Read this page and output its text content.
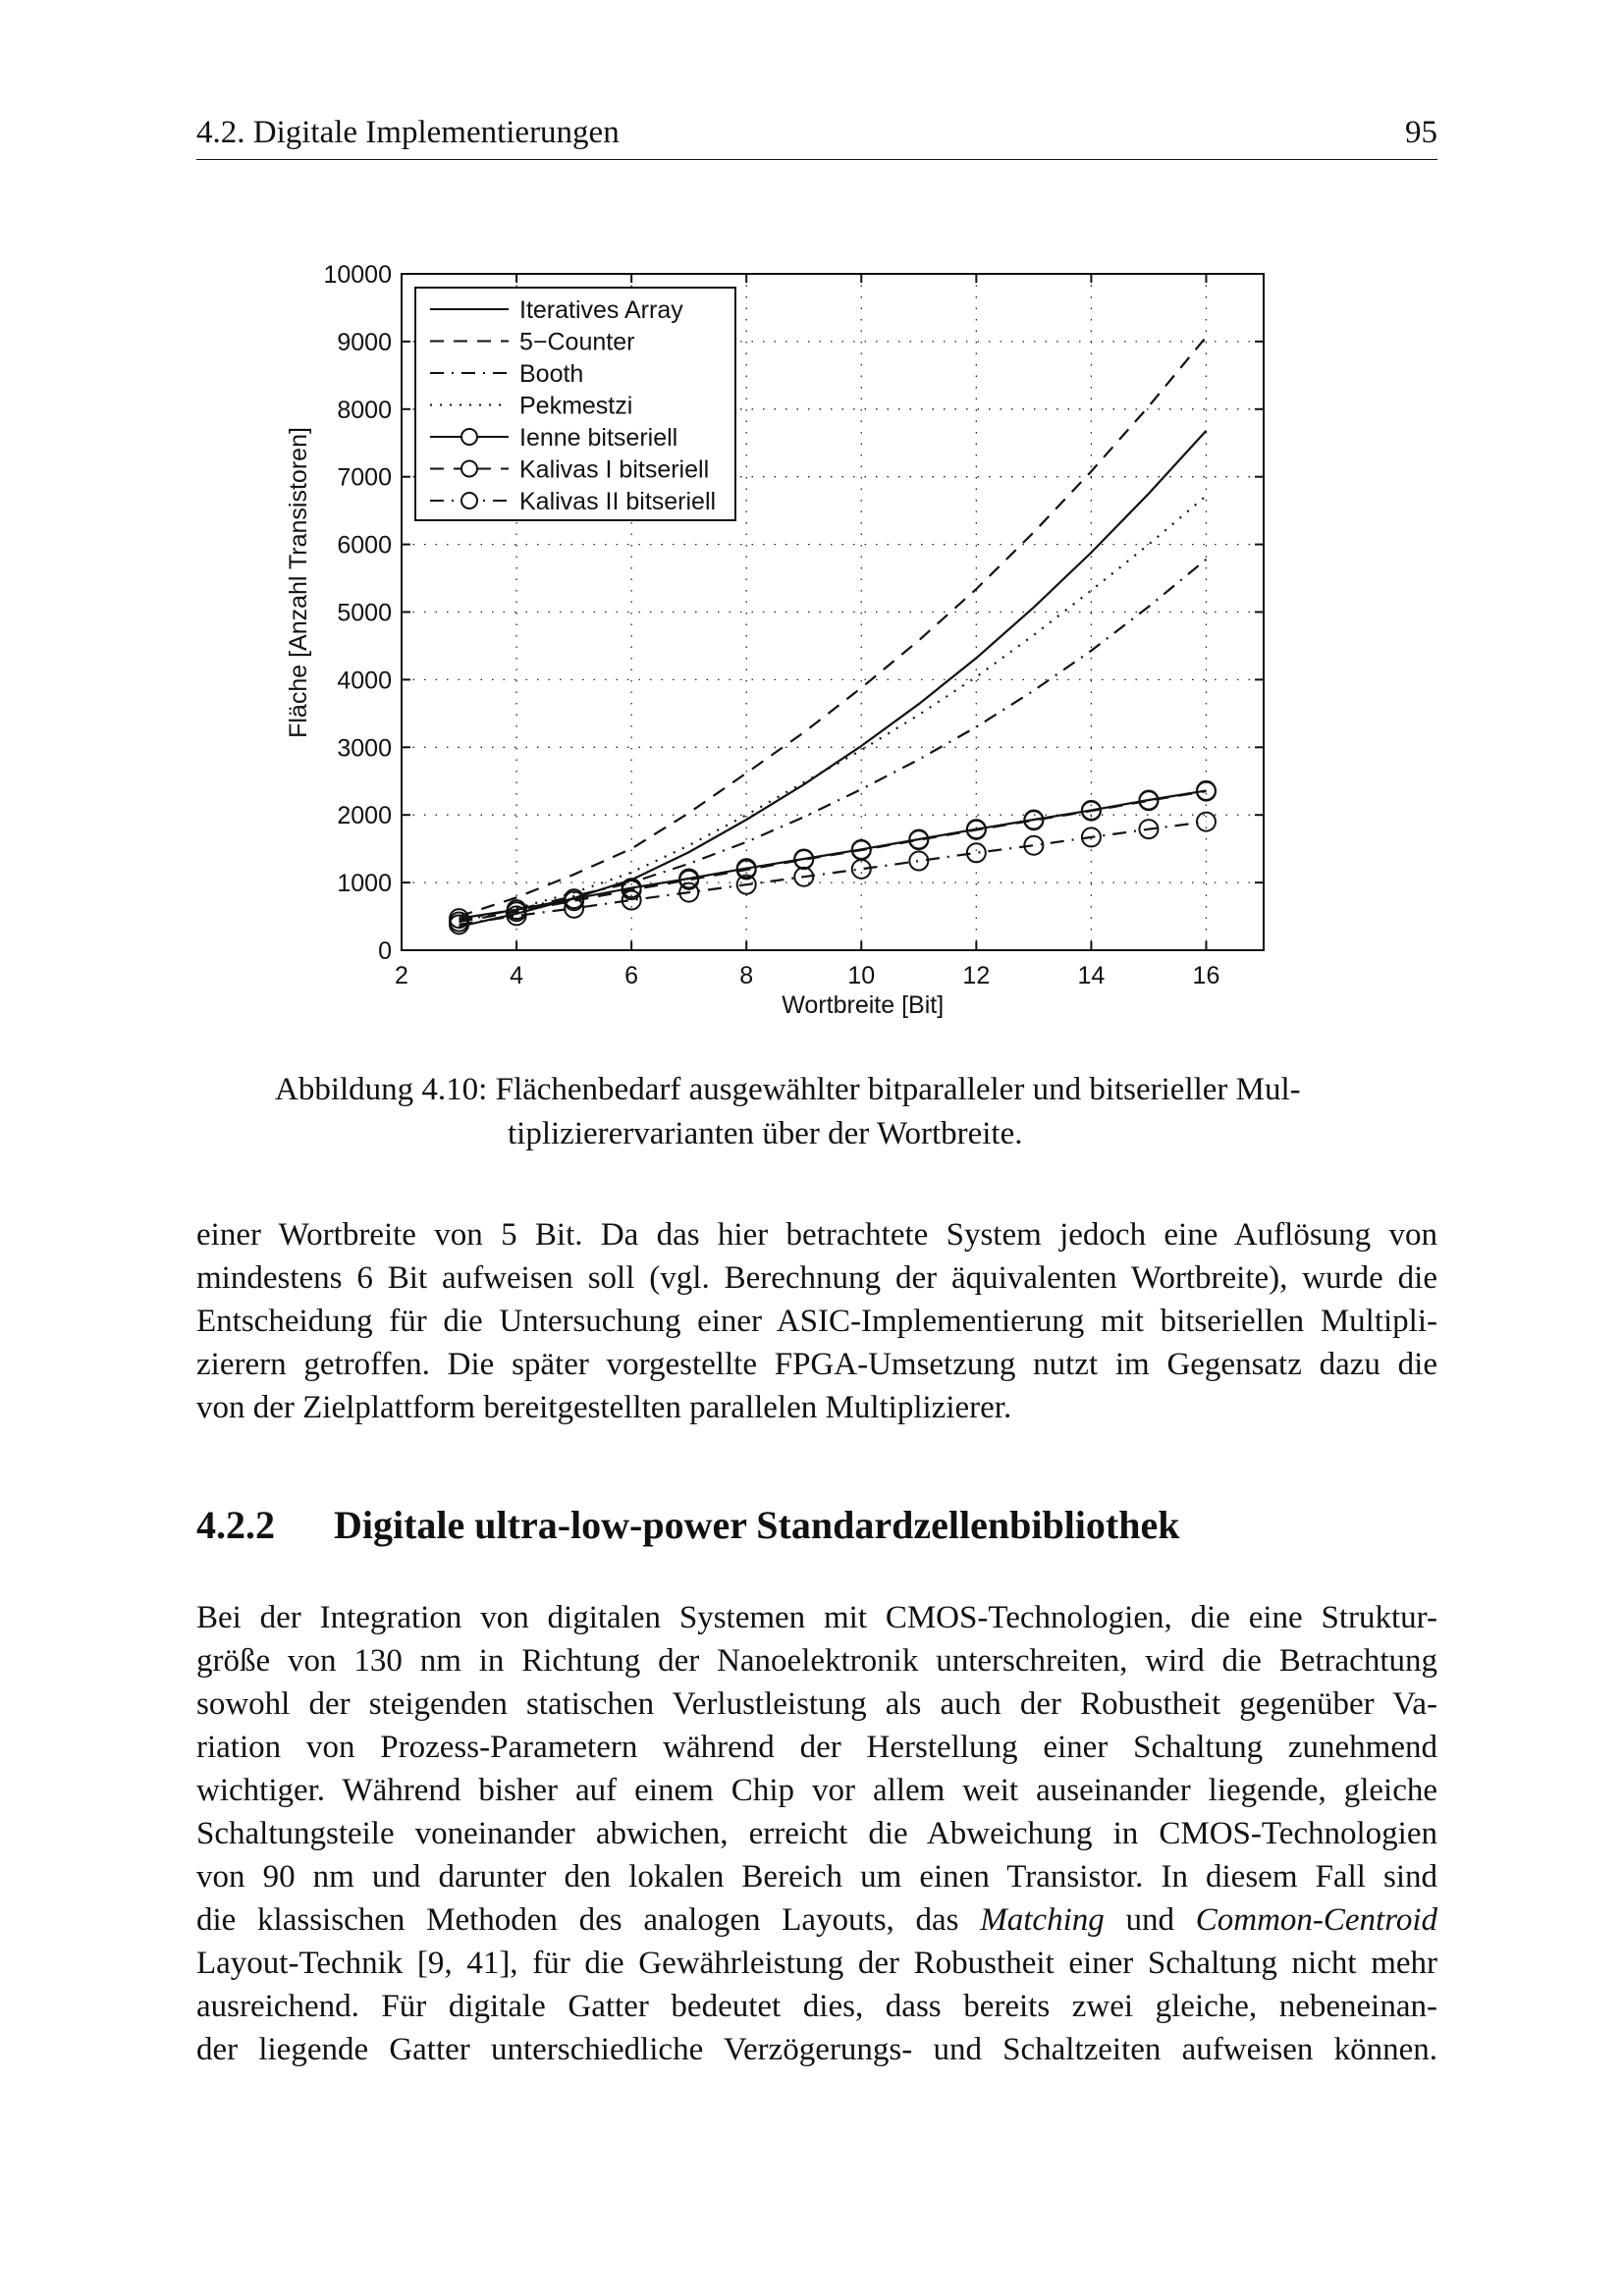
4.2. Digitale Implementierungen	95
2	4	6	8	10	12	14	16
0
1000
2000
3000
4000
5000
6000
7000
8000
9000
10000
Wortbreite [Bit]
Fläche [Anzahl Transistoren]
Iteratives Array
5−Counter
Booth
Pekmestzi
Ienne bitseriell
Kalivas I bitseriell
Kalivas II bitseriell
Abbildung 4.10: Flächenbedarf ausgewählter bitparalleler und bitserieller Mul-
tiplizierervarianten über der Wortbreite.
einer Wortbreite von 5 Bit. Da das hier betrachtete System jedoch eine Auflösung von
mindestens 6 Bit aufweisen soll (vgl. Berechnung der äquivalenten Wortbreite), wurde die
Entscheidung für die Untersuchung einer ASIC-Implementierung mit bitseriellen Multipli-
zierern getroffen. Die später vorgestellte FPGA-Umsetzung nutzt im Gegensatz dazu die
von der Zielplattform bereitgestellten parallelen Multiplizierer.
4.2.2 Digitale ultra-low-power Standardzellenbibliothek
Bei der Integration von digitalen Systemen mit CMOS-Technologien, die eine Struktur-
größe von 130 nm in Richtung der Nanoelektronik unterschreiten, wird die Betrachtung
sowohl der steigenden statischen Verlustleistung als auch der Robustheit gegenüber Va-
riation von Prozess-Parametern während der Herstellung einer Schaltung zunehmend
wichtiger. Während bisher auf einem Chip vor allem weit auseinander liegende, gleiche
Schaltungsteile voneinander abwichen, erreicht die Abweichung in CMOS-Technologien
von 90 nm und darunter den lokalen Bereich um einen Transistor. In diesem Fall sind
die klassischen Methoden des analogen Layouts, das Matching und Common-Centroid
Layout-Technik [9, 41], für die Gewährleistung der Robustheit einer Schaltung nicht mehr
ausreichend. Für digitale Gatter bedeutet dies, dass bereits zwei gleiche, nebeneinan-
der liegende Gatter unterschiedliche Verzögerungs- und Schaltzeiten aufweisen können.
